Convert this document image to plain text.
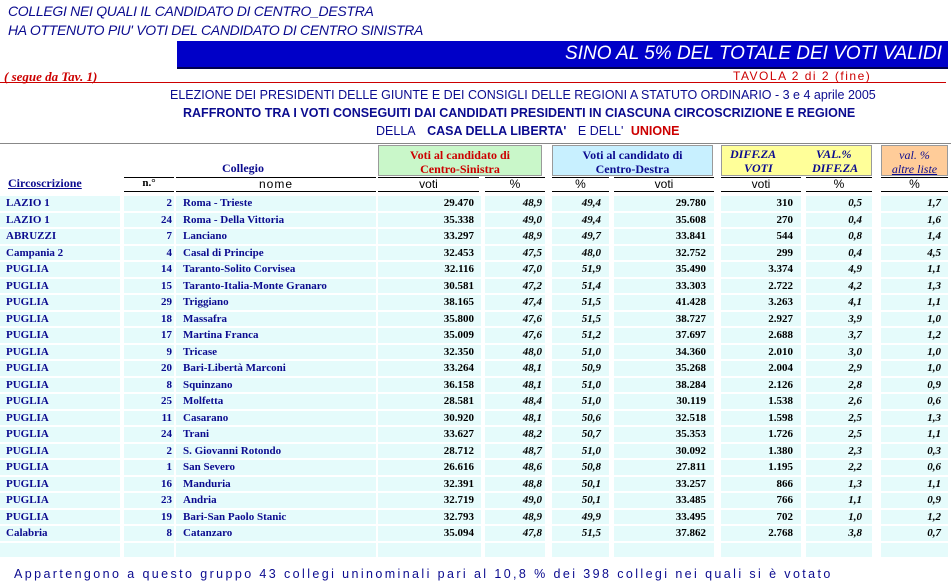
COLLEGI NEI QUALI IL CANDIDATO DI CENTRO_DESTRA
HA OTTENUTO PIU' VOTI DEL CANDIDATO DI CENTRO SINISTRA
SINO AL 5% DEL TOTALE DEI VOTI VALIDI
( segue da Tav. 1)	TAVOLA 2 di 2 (fine)
ELEZIONE DEI PRESIDENTI DELLE GIUNTE E DEI CONSIGLI DELLE REGIONI A STATUTO ORDINARIO - 3 e 4 aprile 2005
RAFFRONTO TRA I VOTI CONSEGUITI DAI CANDIDATI PRESIDENTI IN CIASCUNA CIRCOSCRIZIONE E REGIONE
DELLA CASA DELLA LIBERTA' E DELL' UNIONE
Voti al candidato di
Centro-Sinistra
Voti al candidato di
Centro-Destra
DIFF.ZA
VOTI
VAL.%
DIFF.ZA
val. %
altre liste
Collegio
Circoscrizione	n.°	nome	voti	%	%	voti	voti	%	%
LAZIO 1	2 Roma - Trieste	29.470	48,9	49,4	29.780	310	0,5	1,7
LAZIO 1	24 Roma - Della Vittoria	35.338	49,0	49,4	35.608	270	0,4	1,6
ABRUZZI	7 Lanciano	33.297	48,9	49,7	33.841	544	0,8	1,4
Campania 2	4 Casal di Principe	32.453	47,5	48,0	32.752	299	0,4	4,5
PUGLIA	14 Taranto-Solito Corvisea	32.116	47,0	51,9	35.490	3.374	4,9	1,1
PUGLIA	15 Taranto-Italia-Monte Granaro	30.581	47,2	51,4	33.303	2.722	4,2	1,3
PUGLIA	29 Triggiano	38.165	47,4	51,5	41.428	3.263	4,1	1,1
PUGLIA	18 Massafra	35.800	47,6	51,5	38.727	2.927	3,9	1,0
PUGLIA	17 Martina Franca	35.009	47,6	51,2	37.697	2.688	3,7	1,2
PUGLIA	9 Tricase	32.350	48,0	51,0	34.360	2.010	3,0	1,0
PUGLIA	20 Bari-Libertà Marconi	33.264	48,1	50,9	35.268	2.004	2,9	1,0
PUGLIA	8 Squinzano	36.158	48,1	51,0	38.284	2.126	2,8	0,9
PUGLIA	25 Molfetta	28.581	48,4	51,0	30.119	1.538	2,6	0,6
PUGLIA	11 Casarano	30.920	48,1	50,6	32.518	1.598	2,5	1,3
PUGLIA	24 Trani	33.627	48,2	50,7	35.353	1.726	2,5	1,1
PUGLIA	2 S. Giovanni Rotondo	28.712	48,7	51,0	30.092	1.380	2,3	0,3
PUGLIA	1 San Severo	26.616	48,6	50,8	27.811	1.195	2,2	0,6
PUGLIA	16 Manduria	32.391	48,8	50,1	33.257	866	1,3	1,1
PUGLIA	23 Andria	32.719	49,0	50,1	33.485	766	1,1	0,9
PUGLIA	19 Bari-San Paolo Stanic	32.793	48,9	49,9	33.495	702	1,0	1,2
Calabria	8 Catanzaro	35.094	47,8	51,5	37.862	2.768	3,8	0,7
Appartengono a questo gruppo 43 collegi uninominali pari al 10,8 % dei 398 collegi nei quali si è votato
